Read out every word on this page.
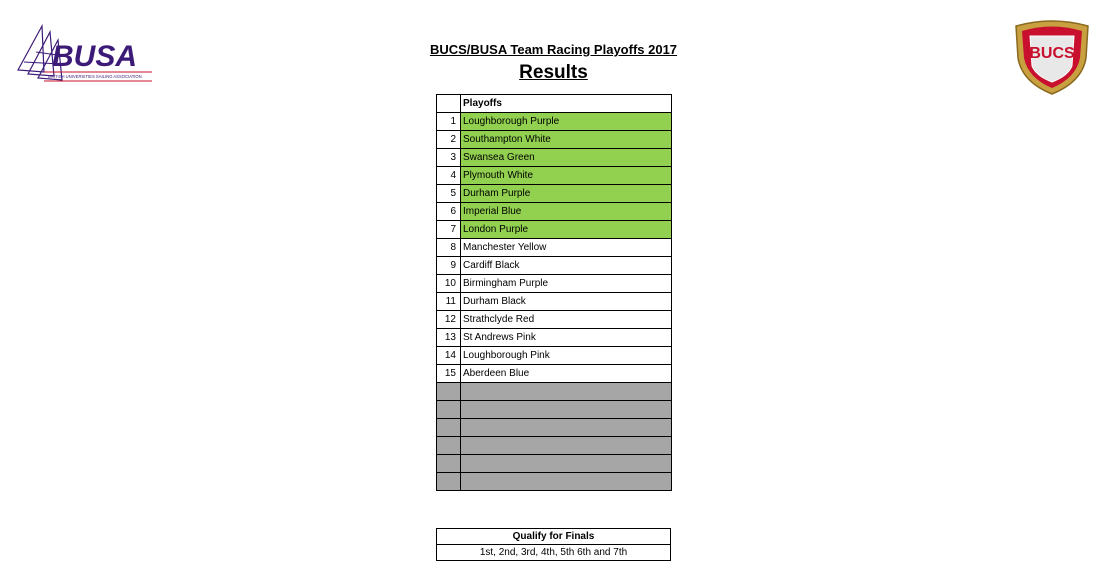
BUSA
BRITISH UNIVERSITIES SAILING ASSOCIATION
BUCS
BUCS/BUSA Team Racing Playoffs 2017
Results
	Playoffs
1	Loughborough Purple
2	Southampton White
3	Swansea Green
4	Plymouth White
5	Durham Purple
6	Imperial Blue
7	London Purple
8	Manchester Yellow
9	Cardiff Black
10	Birmingham Purple
11	Durham Black
12	Strathclyde Red
13	St Andrews Pink
14	Loughborough Pink
15	Aberdeen Blue

Qualify for Finals
1st, 2nd, 3rd, 4th, 5th 6th and 7th
